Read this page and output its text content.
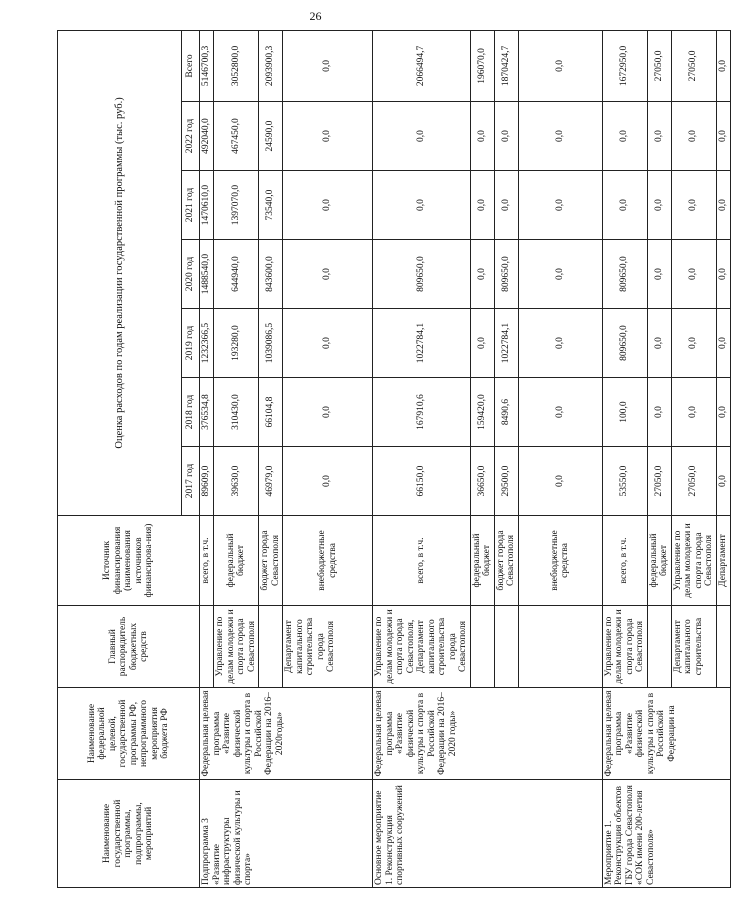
26
Наименование государственной программы, подпрограммы, мероприятий	Наименование федеральной целевой, государственной программы РФ, непрограммного мероприятия бюджета РФ	Главный распорядитель бюджетных средств	Источник финансирования (наименования источников финансирова-ния)	Оценка расходов по годам реализации государственной программы (тыс. руб.)						
				2017 год	2018 год	2019 год	2020 год	2021 год	2022 год	Всего
Подпрограмма 3 «Развитие инфраструктуры физической культуры и спорта»	Федеральная целевая программа «Развитие физической культуры и спорта в Российской Федерации на 2016–2020годы»		всего, в т.ч.	89609,0	376534,8	1232366,5	1488540,0	1470610,0	492040,0	5146700,3
		Управление по делам молодежи и спорта города Севастополя	федеральный бюджет	39630,0	310430,0	193280,0	644940,0	1397070,0	467450,0	3052800,0
			бюджет города Севастополя	46979,0	66104,8	1039086,5	843600,0	73540,0	24590,0	2093900,3
		Департамент капитального строительства города Севастополя	внебюджетные средства	0,0	0,0	0,0	0,0	0,0	0,0	0,0
Основное мероприятие 1. Реконструкция спортивных сооружений	Федеральная целевая программа «Развитие физической культуры и спорта в Российской Федерации на 2016–2020 годы»	Управление по делам молодежи и спорта города Севастополя, Департамент капитального строительства города Севастополя	всего, в т.ч.	66150,0	167910,6	1022784,1	809650,0	0,0	0,0	2066494,7
			федеральный бюджет	36650,0	159420,0	0,0	0,0	0,0	0,0	196070,0
			бюджет города Севастополя	29500,0	8490,6	1022784,1	809650,0	0,0	0,0	1870424,7
			внебюджетные средства	0,0	0,0	0,0	0,0	0,0	0,0	0,0
Мероприятие 1. Реконструкция объектов ГБУ города Севастополя «СОК имени 200-летия Севастополя»	Федеральная целевая программа «Развитие физической культуры и спорта в Российской Федерации на	Управление по делам молодежи и спорта города Севастополя	всего, в т.ч.	53550,0	100,0	809650,0	809650,0	0,0	0,0	1672950,0
			федеральный бюджет	27050,0	0,0	0,0	0,0	0,0	0,0	27050,0
		Департамент капитального строительства	Управление по делам молодежи и спорта города Севастополя	27050,0	0,0	0,0	0,0	0,0	0,0	27050,0
			Департамент	0,0	0,0	0,0	0,0	0,0	0,0	0,0
